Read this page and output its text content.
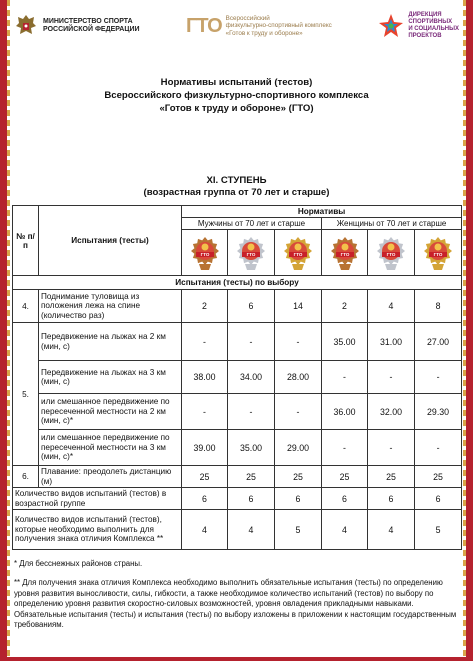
МИНИСТЕРСТВО СПОРТА
РОССИЙСКОЙ ФЕДЕРАЦИИ ГТО Всероссийский
физкультурно-спортивный комплекс
«Готов к труду и обороне»
ДИРЕКЦИЯ
СПОРТИВНЫХ
И СОЦИАЛЬНЫХ
ПРОЕКТОВ
Нормативы испытаний (тестов)
Всероссийского физкультурно-спортивного комплекса
«Готов к труду и обороне» (ГТО)
XI. СТУПЕНЬ
(возрастная группа от 70 лет и старше)
№ п/п	Испытания (тесты)	Нормативы					
		Мужчины от 70 лет и старше			Женщины от 70 лет и старше		

ГТО	ГТО	ГТО	ГТО	ГТО	ГТО

Испытания (тесты) по выбору							
4.	Поднимание туловища из положения лежа на спине (количество раз)	2	6	14	2	4	8
5.	Передвижение на лыжах на 2 км (мин, с)	-	-	-	35.00	31.00	27.00
	Передвижение на лыжах на 3 км (мин, с)	38.00	34.00	28.00	-	-	-
	или смешанное передвижение по пересеченной местности на 2 км (мин, с)*	-	-	-	36.00	32.00	29.30
	или смешанное передвижение по пересеченной местности на 3 км (мин, с)*	39.00	35.00	29.00	-	-	-
6.	Плавание: преодолеть дистанцию (м)	25	25	25	25	25	25
Количество видов испытаний (тестов) в возрастной группе		6	6	6	6	6	6
Количество видов испытаний (тестов), которые необходимо выполнить для получения знака отличия Комплекса **		4	4	5	4	4	5

* Для бесснежных районов страны.

** Для получения знака отличия Комплекса необходимо выполнить обязательные испытания (тесты) по определению уровня развития выносливости, силы, гибкости, а также необходимое количество испытаний (тестов) по выбору по определению уровня развития скоростно-силовых возможностей, уровня овладения прикладными навыками. Обязательные испытания (тесты) и испытания (тесты) по выбору изложены в приложении к настоящим государственным требованиям.
